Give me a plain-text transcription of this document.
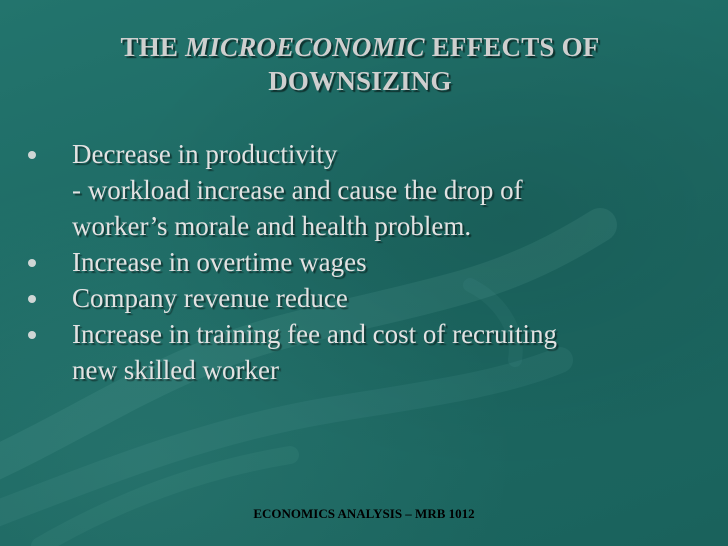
THE MICROECONOMIC EFFECTS OF
DOWNSIZING
Decrease in productivity
- workload increase and cause the drop of
worker’s morale and health problem.
Increase in overtime wages
Company revenue reduce
Increase in training fee and cost of recruiting
new skilled worker
ECONOMICS ANALYSIS – MRB 1012
